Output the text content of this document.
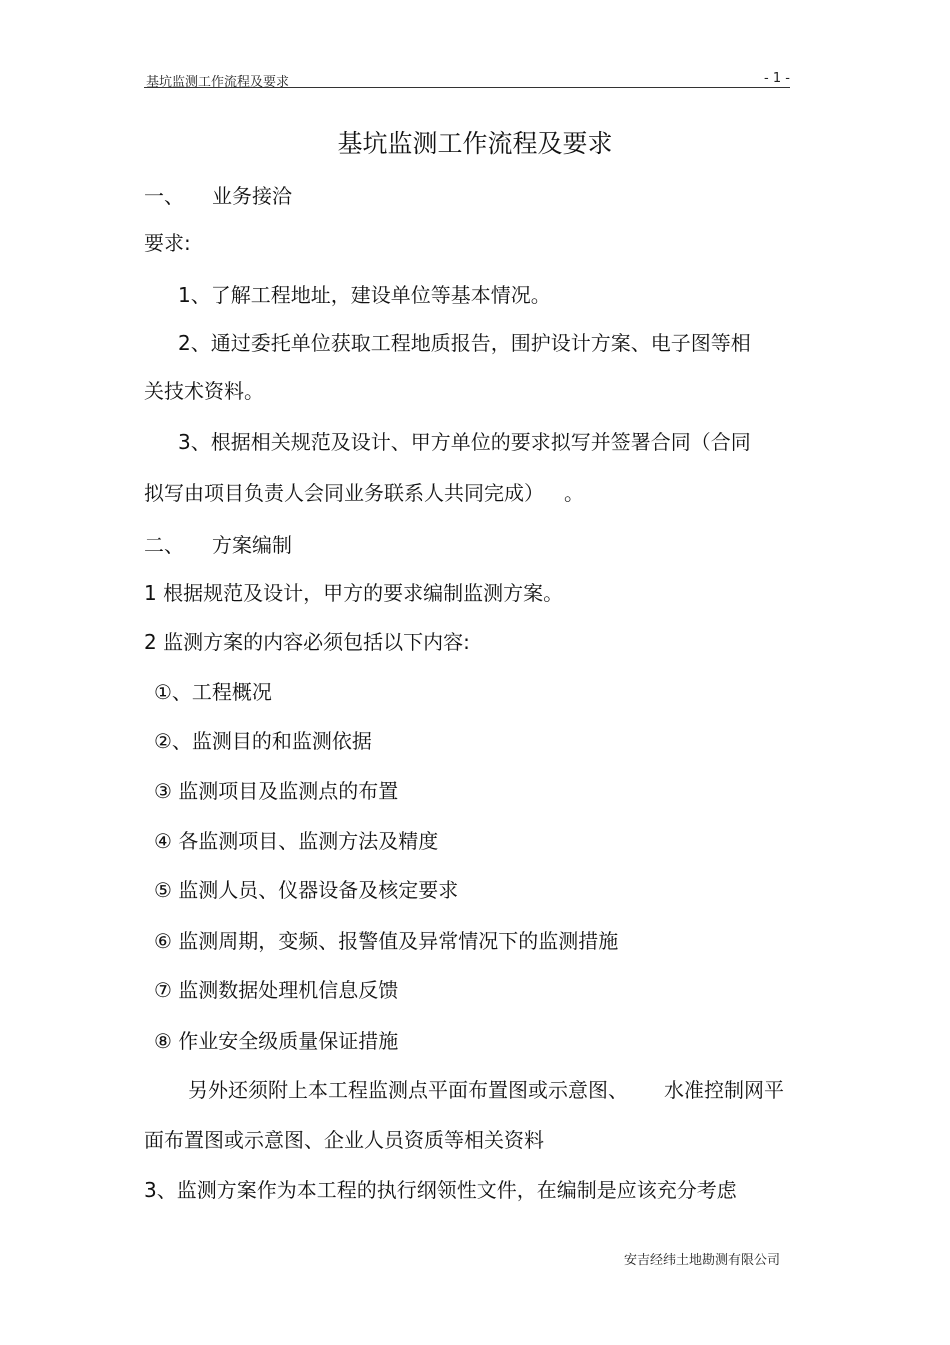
基坑监测工作流程及要求	- 1 -
基坑监测工作流程及要求
一、 业务接洽
要求:
1、了解工程地址，建设单位等基本情况。
2、通过委托单位获取工程地质报告，围护设计方案、电子图等相
关技术资料。
3、根据相关规范及设计、甲方单位的要求拟写并签署合同（合同
拟写由项目负责人会同业务联系人共同完成） 。
二、 方案编制
1 根据规范及设计，甲方的要求编制监测方案。
2 监测方案的内容必须包括以下内容:
①、工程概况
②、监测目的和监测依据
③ 监测项目及监测点的布置
④ 各监测项目、监测方法及精度
⑤ 监测人员、仪器设备及核定要求
⑥ 监测周期，变频、报警值及异常情况下的监测措施
⑦ 监测数据处理机信息反馈
⑧ 作业安全级质量保证措施
另外还须附上本工程监测点平面布置图或示意图、 水准控制网平
面布置图或示意图、企业人员资质等相关资料
3、监测方案作为本工程的执行纲领性文件，在编制是应该充分考虑
安吉经纬土地勘测有限公司
